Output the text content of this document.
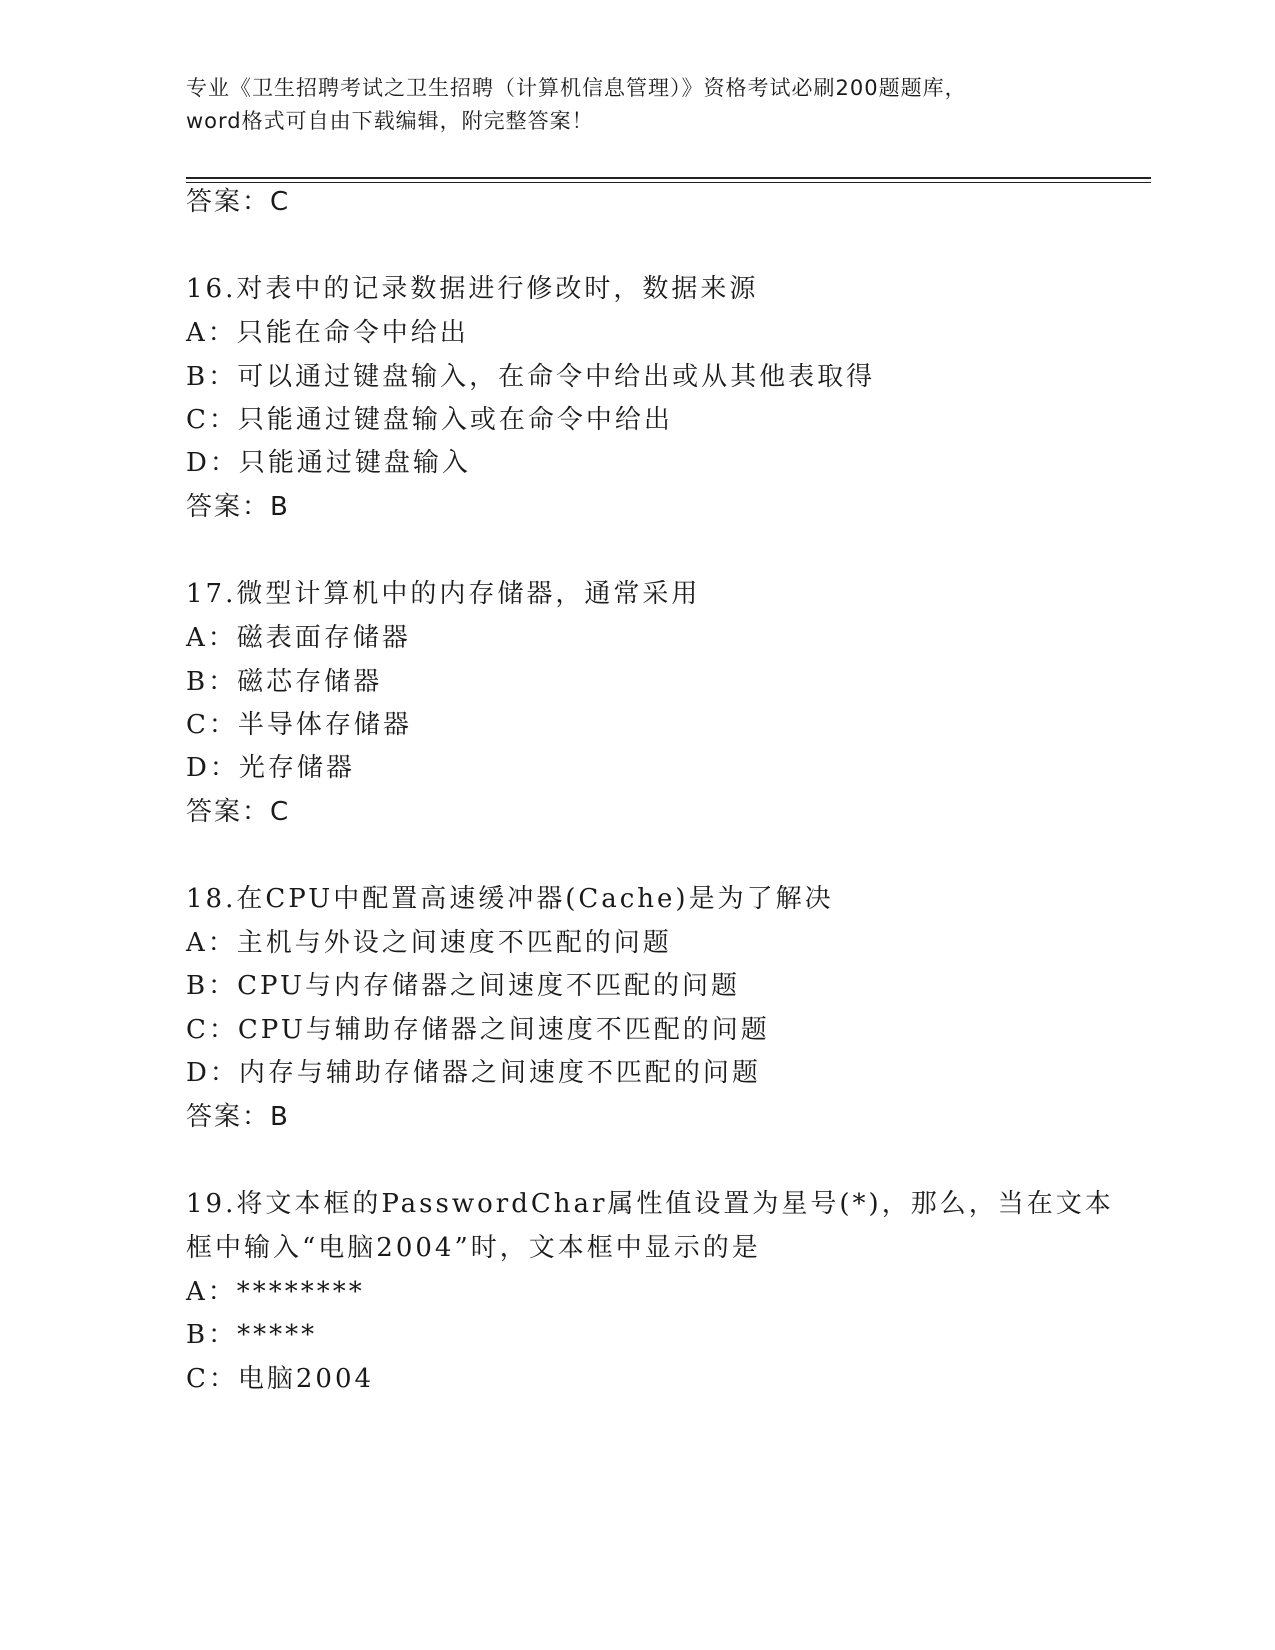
专业《卫生招聘考试之卫生招聘（计算机信息管理）》资格考试必刷200题题库，
word格式可自由下载编辑，附完整答案！
答案：C
16.对表中的记录数据进行修改时，数据来源
A：只能在命令中给出
B：可以通过键盘输入，在命令中给出或从其他表取得
C：只能通过键盘输入或在命令中给出
D：只能通过键盘输入
答案：B
17.微型计算机中的内存储器，通常采用
A：磁表面存储器
B：磁芯存储器
C：半导体存储器
D：光存储器
答案：C
18.在CPU中配置高速缓冲器(Cache)是为了解决
A：主机与外设之间速度不匹配的问题
B：CPU与内存储器之间速度不匹配的问题
C：CPU与辅助存储器之间速度不匹配的问题
D：内存与辅助存储器之间速度不匹配的问题
答案：B
19.将文本框的PasswordChar属性值设置为星号(*)，那么，当在文本
框中输入“电脑2004”时，文本框中显示的是
A：********
B：*****
C：电脑2004
